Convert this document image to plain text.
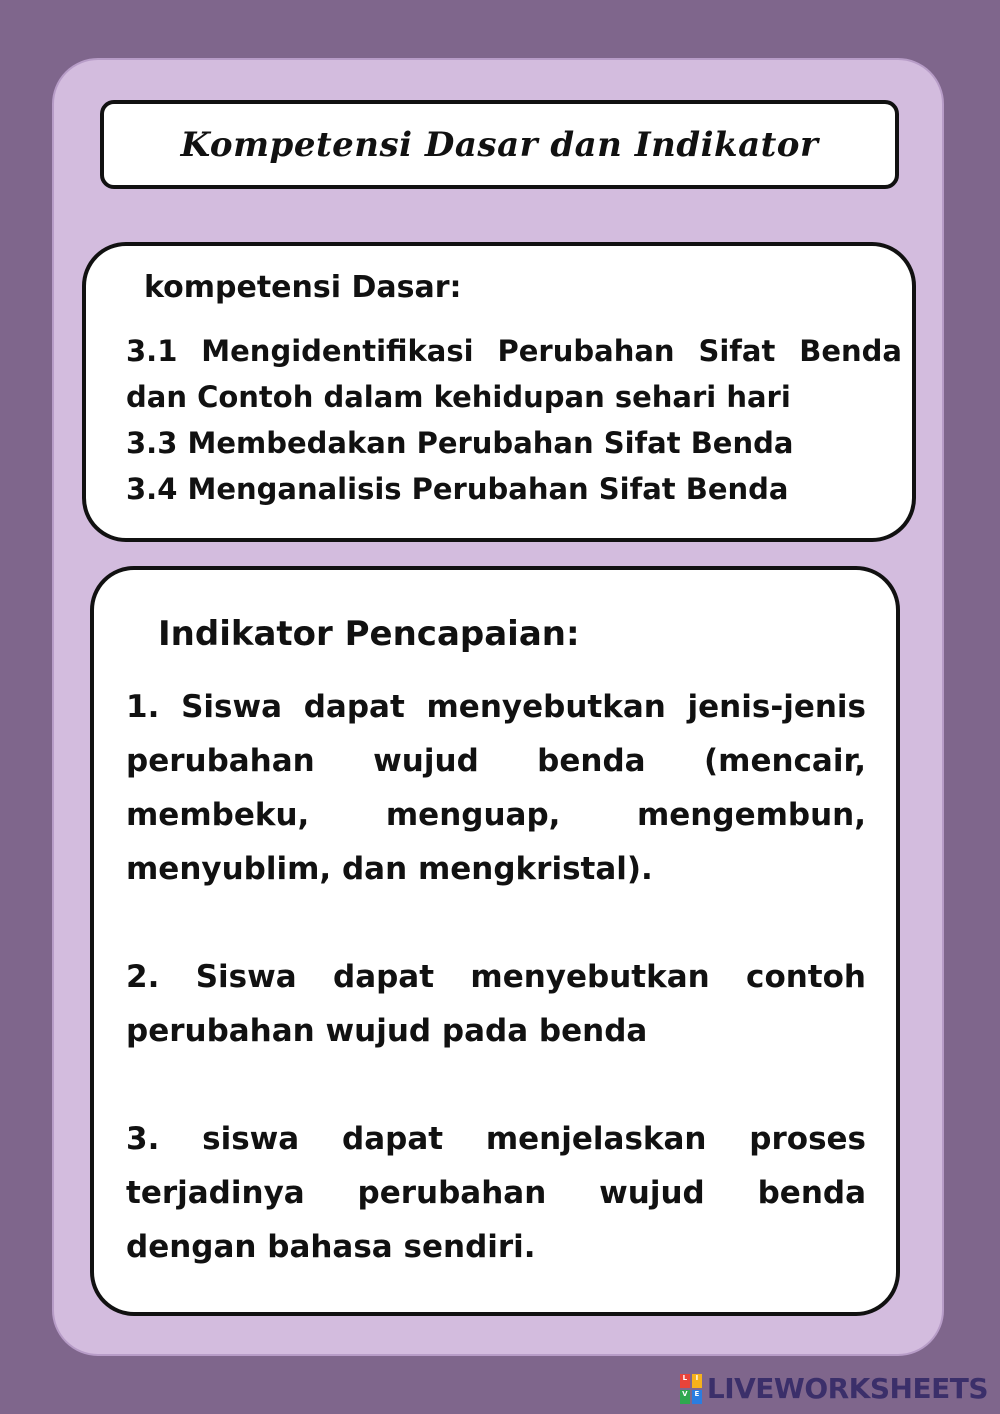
Kompetensi Dasar dan Indikator
kompetensi Dasar:
3.1 Mengidentifikasi Perubahan Sifat Benda dan Contoh dalam kehidupan sehari hari
3.3 Membedakan Perubahan Sifat Benda
3.4 Menganalisis Perubahan Sifat Benda
Indikator Pencapaian:
1. Siswa dapat menyebutkan jenis-jenis perubahan wujud benda (mencair, membeku, menguap, mengembun, menyublim, dan mengkristal).
2. Siswa dapat menyebutkan contoh perubahan wujud pada benda
3. siswa dapat menjelaskan proses terjadinya perubahan wujud benda dengan bahasa sendiri.
L	I
V E LIVEWORKSHEETS
